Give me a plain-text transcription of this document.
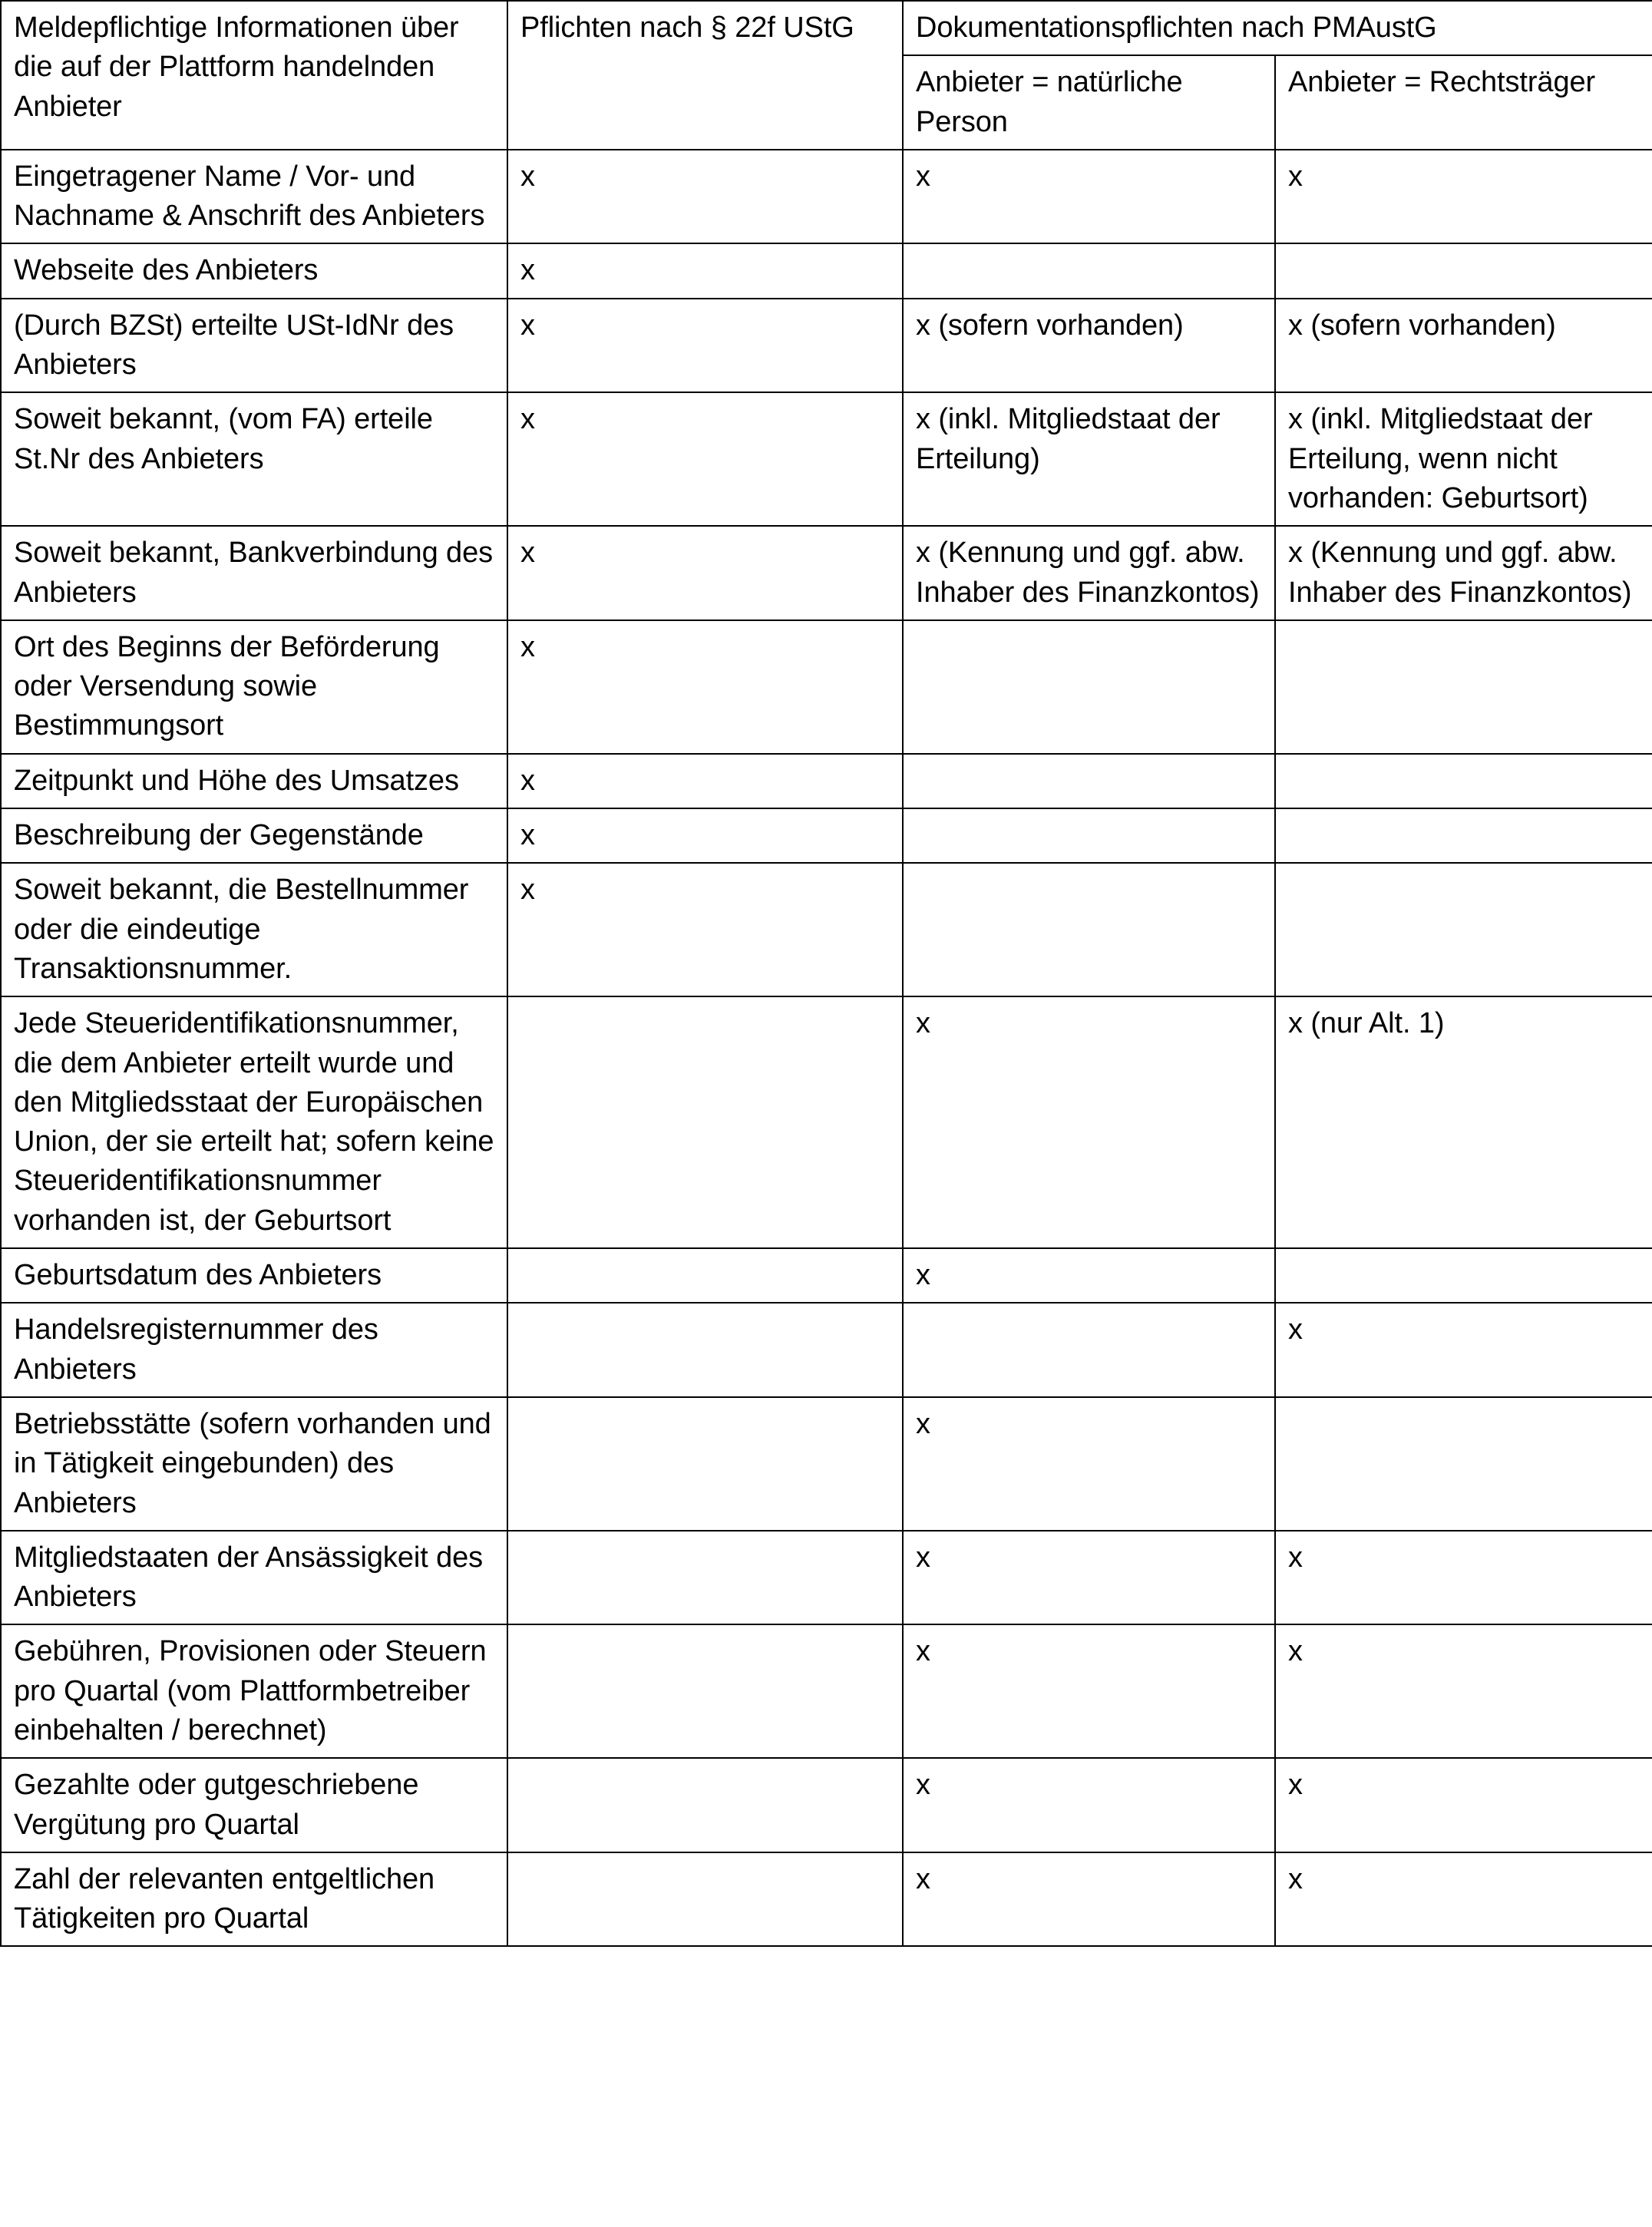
Meldepflichtige Informationen über die auf der Plattform handelnden Anbieter	Pflichten nach § 22f UStG	Dokumentationspflichten nach PMAustG	

		Anbieter = natürliche Person	Anbieter = Rechtsträger

Eingetragener Name / Vor- und Nachname & Anschrift des Anbieters	x	x	x

Webseite des Anbieters	x		

(Durch BZSt) erteilte USt-IdNr des Anbieters	x	x (sofern vorhanden)	x (sofern vorhanden)

Soweit bekannt, (vom FA) erteile St.Nr des Anbieters	x	x (inkl. Mitgliedstaat der Erteilung)	x (inkl. Mitgliedstaat der Erteilung, wenn nicht vorhanden: Geburtsort)

Soweit bekannt, Bankverbindung des Anbieters	x	x (Kennung und ggf. abw. Inhaber des Finanzkontos)	x (Kennung und ggf. abw. Inhaber des Finanzkontos)

Ort des Beginns der Beförderung oder Versendung sowie Bestimmungsort	x		

Zeitpunkt und Höhe des Umsatzes	x		

Beschreibung der Gegenstände	x		

Soweit bekannt, die Bestellnummer oder die eindeutige Transaktionsnummer.	x		

Jede Steueridentifikationsnummer, die dem Anbieter erteilt wurde und den Mitgliedsstaat der Europäischen Union, der sie erteilt hat; sofern keine Steueridentifikationsnummer vorhanden ist, der Geburtsort		x	x (nur Alt. 1)

Geburtsdatum des Anbieters		x	

Handelsregisternummer des Anbieters			x

Betriebsstätte (sofern vorhanden und in Tätigkeit eingebunden) des Anbieters		x	

Mitgliedstaaten der Ansässigkeit des Anbieters		x	x

Gebühren, Provisionen oder Steuern pro Quartal (vom Plattformbetreiber einbehalten / berechnet)		x	x

Gezahlte oder gutgeschriebene Vergütung pro Quartal		x	x

Zahl der relevanten entgeltlichen Tätigkeiten pro Quartal		x	x
